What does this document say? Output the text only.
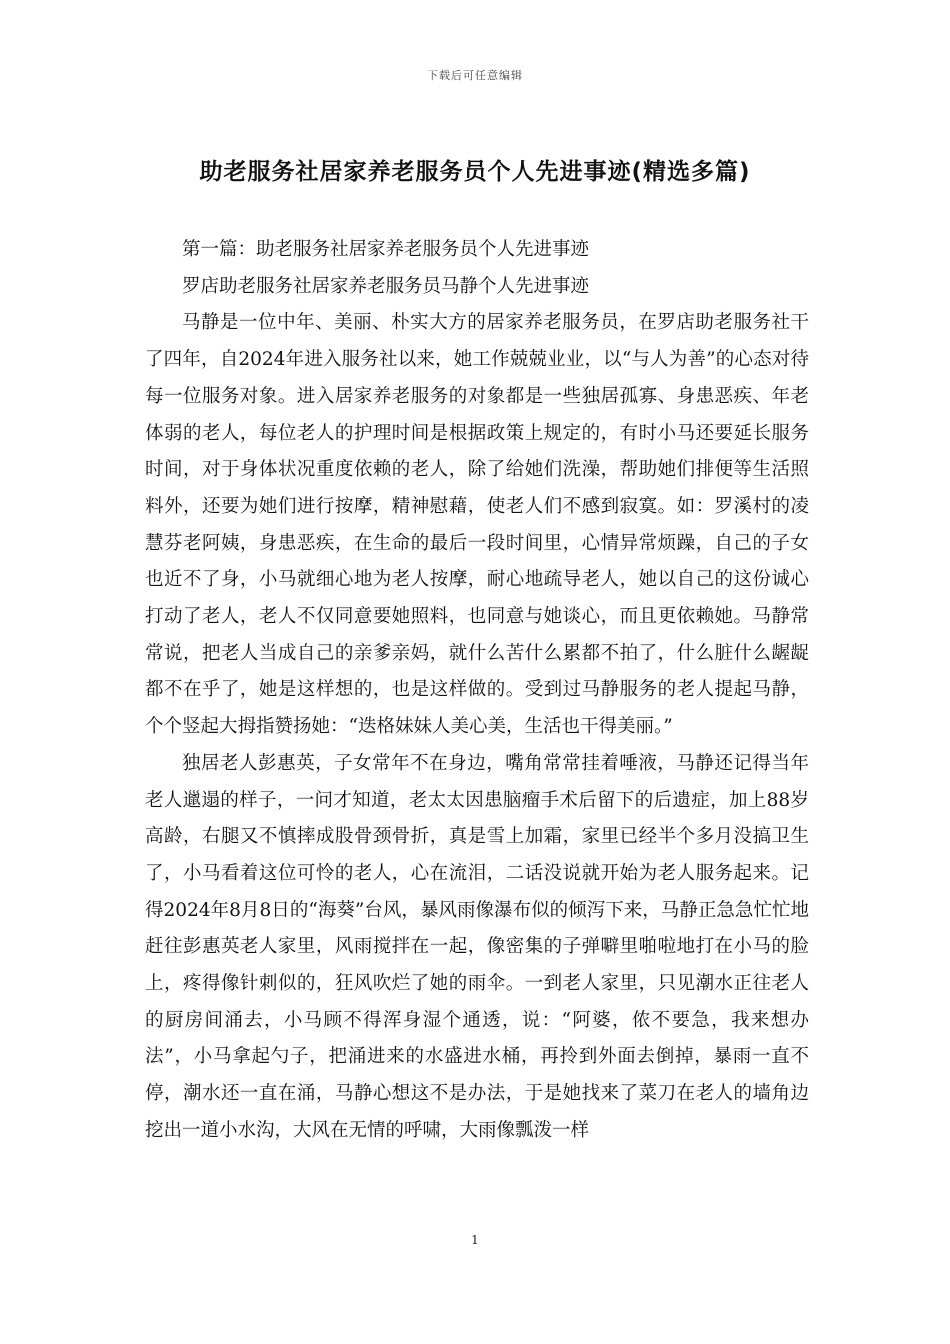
下载后可任意编辑
助老服务社居家养老服务员个人先进事迹(精选多篇)

第一篇：助老服务社居家养老服务员个人先进事迹

罗店助老服务社居家养老服务员马静个人先进事迹

马静是一位中年、美丽、朴实大方的居家养老服务员，在罗店助老服务社干了四年，自2024年进入服务社以来，她工作兢兢业业，以“与人为善”的心态对待每一位服务对象。进入居家养老服务的对象都是一些独居孤寡、身患恶疾、年老体弱的老人，每位老人的护理时间是根据政策上规定的，有时小马还要延长服务时间，对于身体状况重度依赖的老人，除了给她们洗澡，帮助她们排便等生活照料外，还要为她们进行按摩，精神慰藉，使老人们不感到寂寞。如：罗溪村的凌慧芬老阿姨，身患恶疾，在生命的最后一段时间里，心情异常烦躁，自己的子女也近不了身，小马就细心地为老人按摩，耐心地疏导老人，她以自己的这份诚心打动了老人，老人不仅同意要她照料，也同意与她谈心，而且更依赖她。马静常常说，把老人当成自己的亲爹亲妈，就什么苦什么累都不拍了，什么脏什么龌龊都不在乎了，她是这样想的，也是这样做的。受到过马静服务的老人提起马静，个个竖起大拇指赞扬她：“迭格妹妹人美心美，生活也干得美丽。”

独居老人彭惠英，子女常年不在身边，嘴角常常挂着唾液，马静还记得当年老人邋遢的样子，一问才知道，老太太因患脑瘤手术后留下的后遗症，加上88岁高龄，右腿又不慎摔成股骨颈骨折，真是雪上加霜，家里已经半个多月没搞卫生了，小马看着这位可怜的老人，心在流泪，二话没说就开始为老人服务起来。记得2024年8月8日的“海葵”台风，暴风雨像瀑布似的倾泻下来，马静正急急忙忙地赶往彭惠英老人家里，风雨搅拌在一起，像密集的子弹噼里啪啦地打在小马的脸上，疼得像针刺似的，狂风吹烂了她的雨伞。一到老人家里，只见潮水正往老人的厨房间涌去，小马顾不得浑身湿个通透，说：“阿婆，侬不要急，我来想办法”，小马拿起勺子，把涌进来的水盛进水桶，再拎到外面去倒掉，暴雨一直不停，潮水还一直在涌，马静心想这不是办法，于是她找来了菜刀在老人的墙角边挖出一道小水沟，大风在无情的呼啸，大雨像瓢泼一样

1
